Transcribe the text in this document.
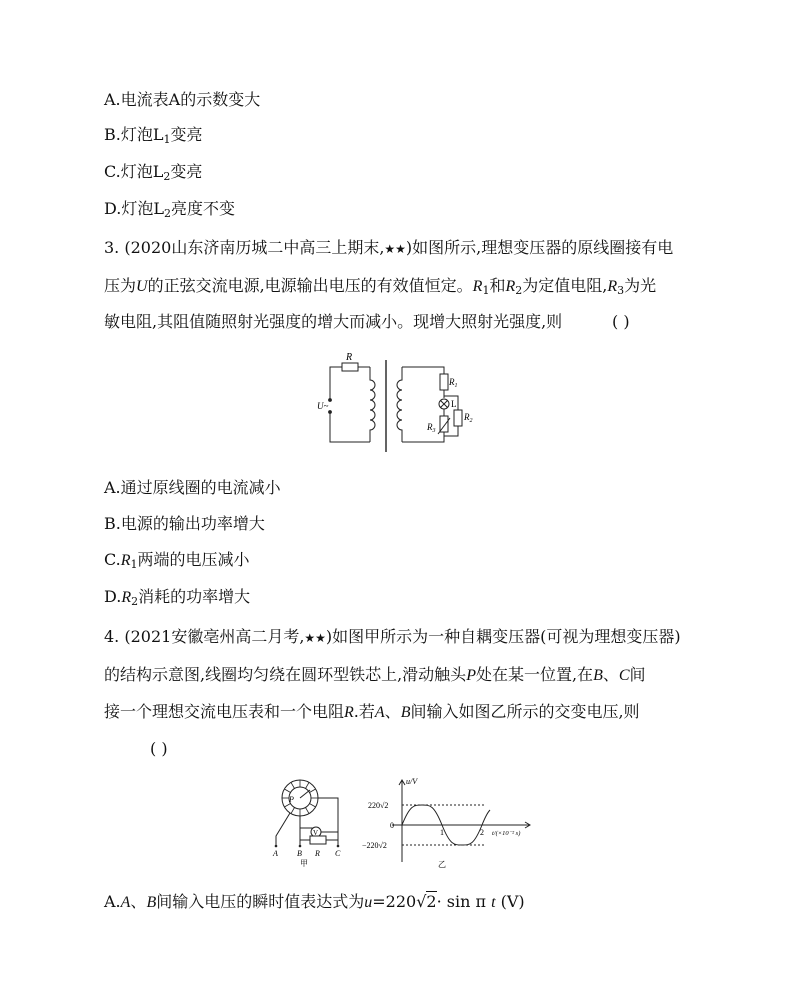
A.电流表A的示数变大
B.灯泡$L_1$变亮
C.灯泡$L_2$变亮
D.灯泡$L_2$亮度不变
3. (2020山东济南历城二中高三上期末,★★)如图所示,理想变压器的原线圈接有电
压为U的正弦交流电源,电源输出电压的有效值恒定。$R_1$和$R_2$为定值电阻$,R_3$为光
敏电阻,其阻值随照射光强度的增大而减小。现增大照射光强度,则	( )
R
U~
$R_1$
L
$R_2$
$R_3$
A.通过原线圈的电流减小
B.电源的输出功率增大
$C.R_1$两端的电压减小
$D.R_2$消耗的功率增大
4. (2021安徽亳州高二月考,★★)如图甲所示为一种自耦变压器(可视为理想变压器)
的结构示意图,线圈均匀绕在圆环型铁芯上,滑动触头P处在某一位置,在B、C间
接一个理想交流电压表和一个电阻R.若A、B间输入如图乙所示的交变电压,则
( )
P
V
A B R C
甲
u/V
220√2
0
−220√2
1	2 t/(×10⁻² s)
乙
A.A、B间输入电压的瞬时值表达式为u=220√2· sin π t (V)
